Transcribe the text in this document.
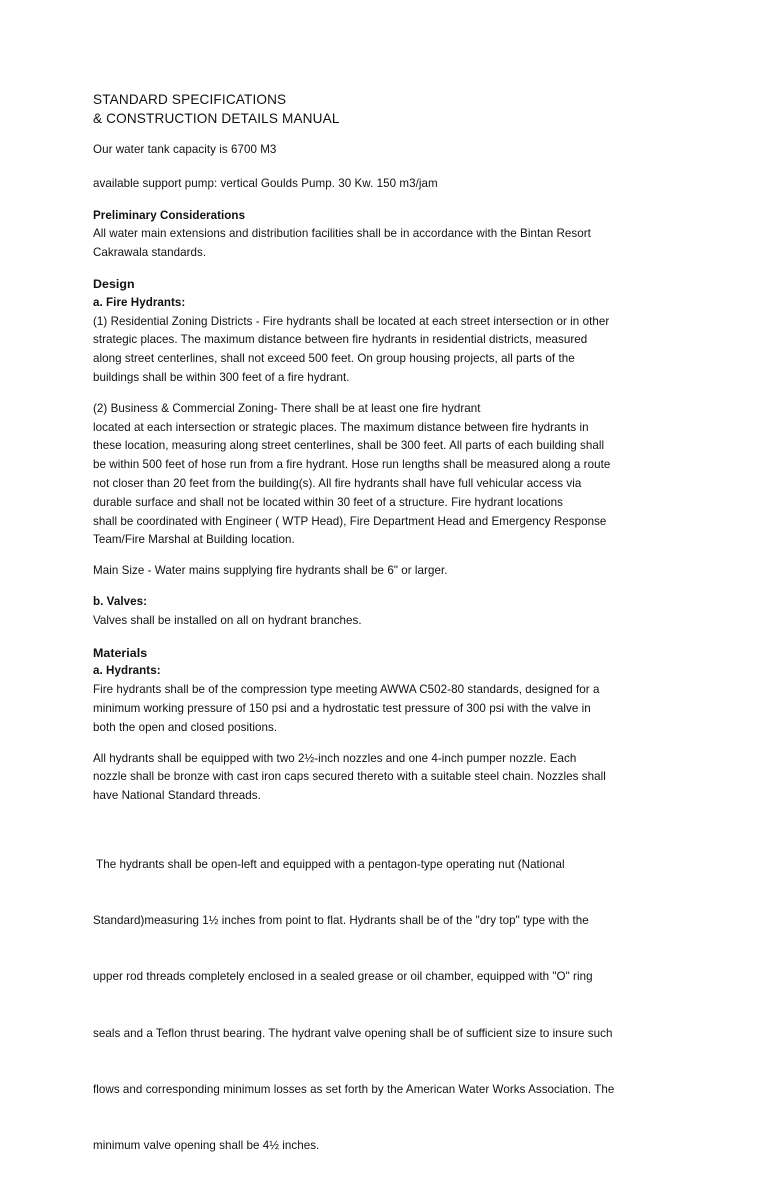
STANDARD SPECIFICATIONS
& CONSTRUCTION DETAILS MANUAL

Our water tank capacity is 6700 M3

available support pump: vertical Goulds Pump. 30 Kw. 150 m3/jam

Preliminary Considerations
All water main extensions and distribution facilities shall be in accordance with the Bintan Resort
Cakrawala standards.

Design
a. Fire Hydrants:
(1) Residential Zoning Districts - Fire hydrants shall be located at each street intersection or in other
strategic places. The maximum distance between fire hydrants in residential districts, measured
along street centerlines, shall not exceed 500 feet. On group housing projects, all parts of the
buildings shall be within 300 feet of a fire hydrant.

(2) Business & Commercial Zoning- There shall be at least one fire hydrant
located at each intersection or strategic places. The maximum distance between fire hydrants in
these location, measuring along street centerlines, shall be 300 feet. All parts of each building shall
be within 500 feet of hose run from a fire hydrant. Hose run lengths shall be measured along a route
not closer than 20 feet from the building(s). All fire hydrants shall have full vehicular access via
durable surface and shall not be located within 30 feet of a structure. Fire hydrant locations
shall be coordinated with Engineer ( WTP Head), Fire Department Head and Emergency Response
Team/Fire Marshal at Building location.

Main Size - Water mains supplying fire hydrants shall be 6" or larger.

b. Valves:
Valves shall be installed on all on hydrant branches.

Materials
a. Hydrants:
Fire hydrants shall be of the compression type meeting AWWA C502-80 standards, designed for a
minimum working pressure of 150 psi and a hydrostatic test pressure of 300 psi with the valve in
both the open and closed positions.

All hydrants shall be equipped with two 2½-inch nozzles and one 4-inch pumper nozzle. Each
nozzle shall be bronze with cast iron caps secured thereto with a suitable steel chain. Nozzles shall
have National Standard threads.

The hydrants shall be open-left and equipped with a pentagon-type operating nut (National

Standard)measuring 1½ inches from point to flat. Hydrants shall be of the "dry top" type with the

upper rod threads completely enclosed in a sealed grease or oil chamber, equipped with "O" ring

seals and a Teflon thrust bearing. The hydrant valve opening shall be of sufficient size to insure such

flows and corresponding minimum losses as set forth by the American Water Works Association. The

minimum valve opening shall be 4½ inches.
